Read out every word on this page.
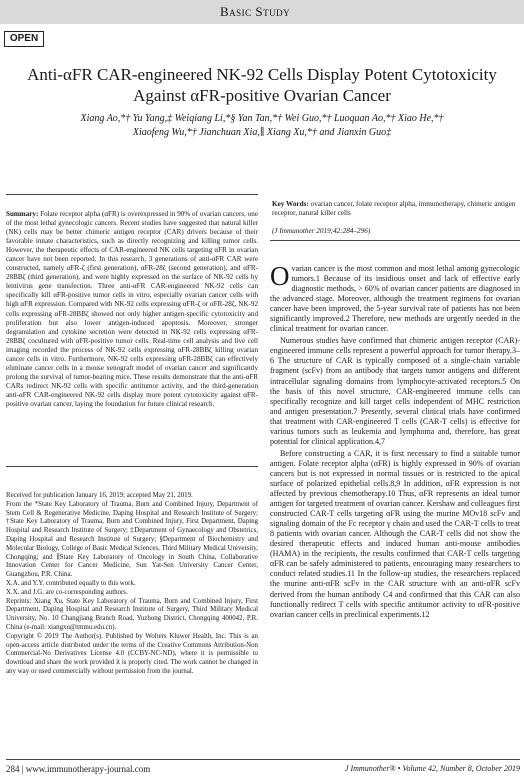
Basic Study
OPEN
Anti-αFR CAR-engineered NK-92 Cells Display Potent Cytotoxicity Against αFR-positive Ovarian Cancer
Xiang Ao,*† Yu Yang,‡ Weiqiang Li,*§ Yan Tan,*† Wei Guo,*† Luoquan Ao,*† Xiao He,*† Xiaofeng Wu,*† Jianchuan Xia,∥ Xiang Xu,*† and Jianxin Guo‡
Summary: Folate receptor alpha (αFR) is overexpressed in 90% of ovarian cancers, one of the most lethal gynecologic cancers. Recent studies have suggested that natural killer (NK) cells may be better chimeric antigen receptor (CAR) drivers because of their favorable innate characteristics, such as directly recognizing and killing tumor cells. However, the therapeutic effects of CAR-engineered NK cells targeting αFR in ovarian cancer have not been reported. In this research, 3 generations of anti-αFR CAR were constructed, namely αFR-ζ (first generation), αFR-28ζ (second generation), and αFR-28BBζ (third generation), and were highly expressed on the surface of NK-92 cells by lentivirus gene transfection. Three anti-αFR CAR-engineered NK-92 cells can specifically kill αFR-positive tumor cells in vitro, especially ovarian cancer cells with high αFR expression. Compared with NK-92 cells expressing αFR-ζ or αFR-28ζ, NK-92 cells expressing αFR-28BBζ showed not only higher antigen-specific cytotoxicity and proliferation but also lower antigen-induced apoptosis. Moreover, stronger degranulation and cytokine secretion were detected in NK-92 cells expressing αFR-28BBζ cocultured with αFR-positive tumor cells. Real-time cell analysis and live cell imaging recorded the process of NK-92 cells expressing αFR-28BBζ killing ovarian cancer cells in vitro. Furthermore, NK-92 cells expressing αFR-28BBζ can effectively eliminate cancer cells in a mouse xenograft model of ovarian cancer and significantly prolong the survival of tumor-bearing mice. These results demonstrate that the anti-αFR CARs redirect NK-92 cells with specific antitumor activity, and the third-generation anti-αFR CAR-engineered NK-92 cells display more potent cytotoxicity against αFR-positive ovarian cancer, laying the foundation for future clinical research.
Key Words: ovarian cancer, folate receptor alpha, immunotherapy, chimeric antigen receptor, natural killer cells
(J Immunother 2019;42:284–296)

Received for publication January 16, 2019; accepted May 21, 2019.

From the *State Key Laboratory of Trauma, Burn and Combined Injury, Department of Stem Cell & Regenerative Medicine, Daping Hospital and Research Institute of Surgery; †State Key Laboratory of Trauma, Burn and Combined Injury, First Department, Daping Hospital and Research Institute of Surgery; ‡Department of Gynaecology and Obstetrics, Daping Hospital and Research Institute of Surgery; §Department of Biochemistry and Molecular Biology, College of Basic Medical Sciences, Third Military Medical University, Chongqing; and ∥State Key Laboratory of Oncology in South China, Collaborative Innovation Center for Cancer Medicine, Sun Yat-Sen University Cancer Center, Guangzhou, P.R. China.

X.A. and Y.Y. contributed equally to this work.

X.X. and J.G. are co-corresponding authors.

Reprints: Xiang Xu, State Key Laboratory of Trauma, Burn and Combined Injury, First Department, Daping Hospital and Research Institute of Surgery, Third Military Medical University, No. 10 Changjiang Branch Road, Yuzhong District, Chongqing 400042, P.R. China (e-mail: xiangxu@tmmu.edu.cn).

Copyright © 2019 The Author(s). Published by Wolters Kluwer Health, Inc. This is an open-access article distributed under the terms of the Creative Commons Attribution-Non Commercial-No Derivatives License 4.0 (CCBY-NC-ND), where it is permissible to download and share the work provided it is properly cited. The work cannot be changed in any way or used commercially without permission from the journal.

Ovarian cancer is the most common and most lethal among gynecologic tumors.1 Because of its insidious onset and lack of effective early diagnostic methods, > 60% of ovarian cancer patients are diagnosed in the advanced stage. Moreover, although the treatment regimens for ovarian cancer have been improved, the 5-year survival rate of patients has not been significantly improved.2 Therefore, new methods are urgently needed in the clinical treatment for ovarian cancer.

Numerous studies have confirmed that chimeric antigen receptor (CAR)-engineered immune cells represent a powerful approach for tumor therapy.3–6 The structure of CAR is typically composed of a single-chain variable fragment (scFv) from an antibody that targets tumor antigens and different intracellular signaling domains from lymphocyte-activated receptors.5 On the basis of this novel structure, CAR-engineered immune cells can specifically recognize and kill target cells independent of MHC restriction and antigen presentation.7 Presently, several clinical trials have confirmed that treatment with CAR-engineered T cells (CAR-T cells) is effective for various tumors such as leukemia and lymphoma and, therefore, has great potential for clinical application.4,7

Before constructing a CAR, it is first necessary to find a suitable tumor antigen. Folate receptor alpha (αFR) is highly expressed in 90% of ovarian cancers but is not expressed in normal tissues or is restricted to the apical surface of polarized epithelial cells.8,9 In addition, αFR expression is not affected by previous chemotherapy.10 Thus, αFR represents an ideal tumor antigen for targeted treatment of ovarian cancer. Kershaw and colleagues first constructed CAR-T cells targeting αFR using the murine MOv18 scFv and signaling domain of the Fc receptor γ chain and used the CAR-T cells to treat 8 patients with ovarian cancer. Although the CAR-T cells did not show the desired therapeutic effects and induced human anti-mouse antibodies (HAMA) in the recipients, the results confirmed that CAR-T cells targeting αFR can be safely administered to patients, encouraging many researchers to conduct related studies.11 In the follow-up studies, the researchers replaced the murine anti-αFR scFv in the CAR structure with an anti-αFR scFv derived from the human antibody C4 and confirmed that this CAR can also functionally redirect T cells with specific antitumor activity to αFR-positive ovarian cancer cells in preclinical experiments.12

284 | www.immunotherapy-journal.com	J Immunother® • Volume 42, Number 8, October 2019
